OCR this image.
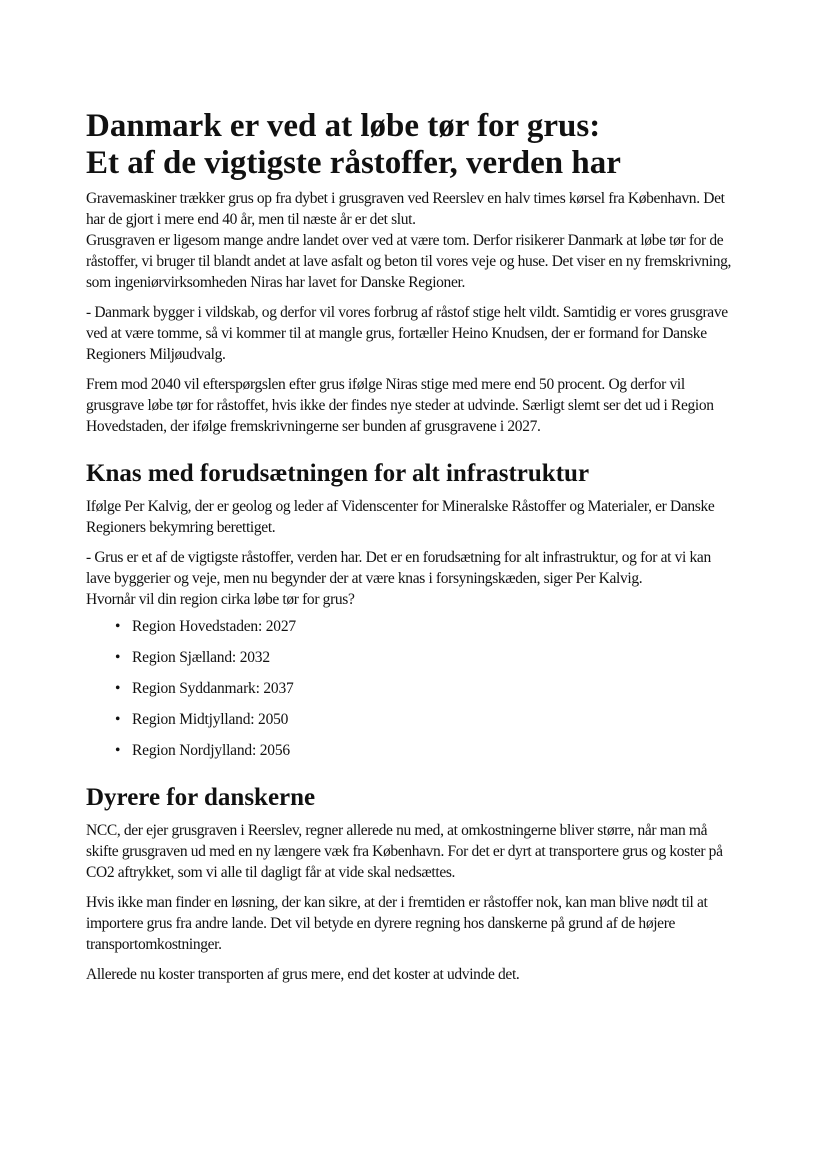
Danmark er ved at løbe tør for grus:
Et af de vigtigste råstoffer, verden har

Gravemaskiner trækker grus op fra dybet i grusgraven ved Reerslev en halv times kørsel fra København. Det har de gjort i mere end 40 år, men til næste år er det slut.

Grusgraven er ligesom mange andre landet over ved at være tom. Derfor risikerer Danmark at løbe tør for de råstoffer, vi bruger til blandt andet at lave asfalt og beton til vores veje og huse. Det viser en ny fremskrivning, som ingeniørvirksomheden Niras har lavet for Danske Regioner.

- Danmark bygger i vildskab, og derfor vil vores forbrug af råstof stige helt vildt. Samtidig er vores grusgrave ved at være tomme, så vi kommer til at mangle grus, fortæller Heino Knudsen, der er formand for Danske Regioners Miljøudvalg.

Frem mod 2040 vil efterspørgslen efter grus ifølge Niras stige med mere end 50 procent. Og derfor vil grusgrave løbe tør for råstoffet, hvis ikke der findes nye steder at udvinde. Særligt slemt ser det ud i Region Hovedstaden, der ifølge fremskrivningerne ser bunden af grusgravene i 2027.

Knas med forudsætningen for alt infrastruktur

Ifølge Per Kalvig, der er geolog og leder af Videnscenter for Mineralske Råstoffer og Materialer, er Danske Regioners bekymring berettiget.

- Grus er et af de vigtigste råstoffer, verden har. Det er en forudsætning for alt infrastruktur, og for at vi kan lave byggerier og veje, men nu begynder der at være knas i forsyningskæden, siger Per Kalvig.

Hvornår vil din region cirka løbe tør for grus?

• Region Hovedstaden: 2027
• Region Sjælland: 2032
• Region Syddanmark: 2037
• Region Midtjylland: 2050
• Region Nordjylland: 2056
Dyrere for danskerne

NCC, der ejer grusgraven i Reerslev, regner allerede nu med, at omkostningerne bliver større, når man må skifte grusgraven ud med en ny længere væk fra København. For det er dyrt at transportere grus og koster på CO2 aftrykket, som vi alle til dagligt får at vide skal nedsættes.

Hvis ikke man finder en løsning, der kan sikre, at der i fremtiden er råstoffer nok, kan man blive nødt til at importere grus fra andre lande. Det vil betyde en dyrere regning hos danskerne på grund af de højere transportomkostninger.

Allerede nu koster transporten af grus mere, end det koster at udvinde det.
